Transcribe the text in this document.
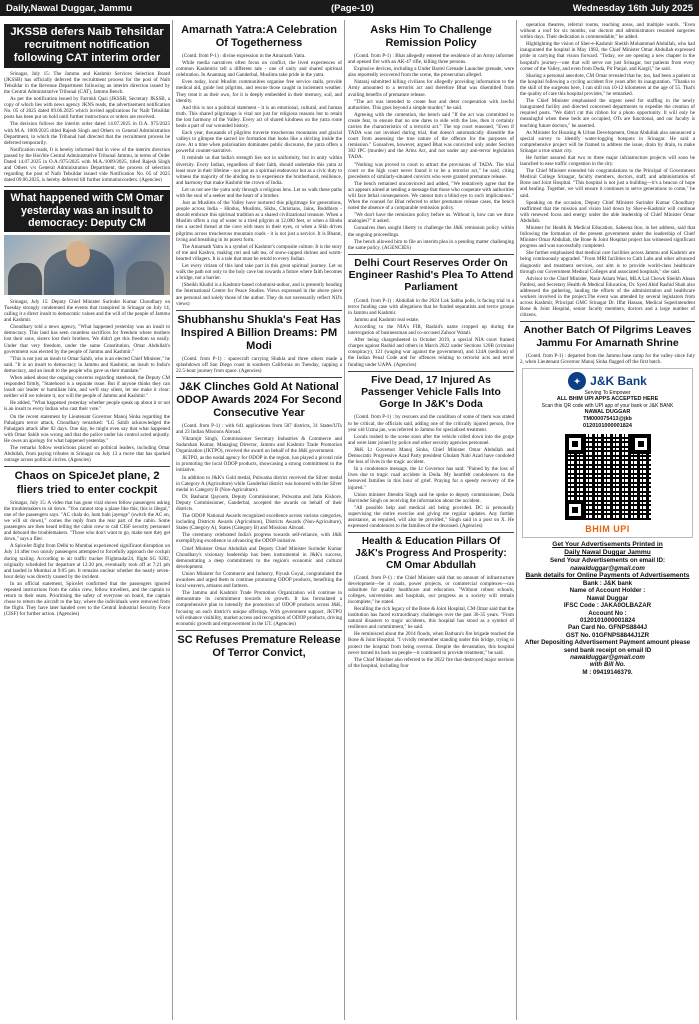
Daily,Nawal Duggar, Jammu	(Page-10)	Wednesday 16th July 2025
JKSSB defers Naib Tehsildar recruitment notification following CAT interim order

Srinagar, July 15: The Jammu and Kashmir Services Selection Board (JKSSB) has officially deferred the recruitment process for the post of Naib Tehsildar in the Revenue Department following an interim direction issued by the Central Administrative Tribunal (CAT), Jammu Bench.

As per the notification issued by Farrukh Qazi (JKSSB, Secretary JKSSB, a copy of which lies with news agency JKNS reads, the advertisement notification No. 05 of 2025 dated 09.06.2025 which invited applications for Naib Tehsildar posts has been put on hold until further instructions or orders are received.

The decision follows the interim order dated 14.07.2025 in O.A. 975/2025 with M.A. 1009/2025 titled Rajesh Singh and Others vs General Administration Department, in which the Tribunal had directed that the recruitment process be deferred temporarily.

Notification reads, It is hereby informed that in view of the interim direction passed by the Hon'ble Central Administrative Tribunal Jammu, in terms of Order Dated 14.07.2025 in O.A./975/2025 with M.A./1009/2025, titled Rajesh Singh and Others v/s General Administration Department, the process of selection regarding the post of Naib Tehsildar issued vide Notification No. 05 of 2025 dated 09.06.2025, is hereby deferred till further intimation/orders. (Agencies)

What happened with CM Omar yesterday was an insult to democracy: Deputy CM

Srinagar, July 15: Deputy Chief Minister Surinder Kumar Choudhary on Tuesday strongly condemned the events that transpired in Srinagar on July 14, calling it a direct insult to democratic values and the will of the people of Jammu and Kashmir.

Choudhary told a news agency, "What happened yesterday was an insult to democracy. This land has seen countless sacrifices for freedom where mothers lost their sons, sisters lost their brothers. We didn't get this freedom so easily. Under that very freedom, under the same Constitution, Omar Abdullah's government was elected by the people of Jammu and Kashmir."

"This is not just an insult to Omar Sahib, who is an elected Chief Minister," he said. "It is an insult to democracy in Jammu and Kashmir, an insult to India's democracy, and an insult to the people who gave us their mandate."

When asked about the ongoing concerns regarding statehood, the Deputy CM responded firmly, "Statehood is a separate issue. But if anyone thinks they can insult our leader or humiliate him, and we'll stay silent, let me make it clear: neither will we tolerate it, nor will the people of Jammu and Kashmir."

He added, "What happened yesterday whether people speak up about it or not is an insult to every Indian who cast their vote."

On the recent statement by Lieutenant Governor Manoj Sinha regarding the Pahalgam terror attack, Choudhary remarked: "LG Sahib acknowledged the Pahalgam attack after 82 days. One day, he might even say that what happened with Omar Sahib was wrong and that the police under his control acted unjustly. He owes an apology for what happened yesterday."

The remarks follow restrictions placed on political leaders, including Omar Abdullah, from paying tributes in Srinagar on July 13 a move that has sparked outrage across political circles. (Agencies)

Chaos on SpiceJet plane, 2 fliers tried to enter cockpit

Srinagar, July 15: A video that has gone viral shows fellow passengers asking the troublemakers to sit down. "You cannot stop a plane like this; this is illegal," one of the passengers says. "AC chala do, hum bahi jayenge" (switch the AC on, we will sit down)," comes the reply from the rear part of the cabin. Some passengers are then heard telling the cabin crew to call CISF security personnel and deboard the troublemakers. "Those who don't want to go, make sure they get down," says a flier.

A SpiceJet flight from Delhi to Mumbai experienced significant disruption on July 14 after two unruly passengers attempted to forcefully approach the cockpit during taxiing. According to air traffic tracker Flightradar24, flight SG 9282, originally scheduled for departure at 12:30 pm, eventually took off at 7:21 pm and landed in Mumbai at 9:05 pm. It remains unclear whether the nearly seven-hour delay was directly caused by the incident.

In an official statement, SpiceJet confirmed that the passengers ignored repeated instructions from the cabin crew, fellow travellers, and the captain to return to their seats. Prioritising the safety of everyone on board, the captain chose to return the aircraft to the bay, where the individuals were removed from the flight. They have later handed over to the Central Industrial Security Force (CISF) for further action. (Agencies)

Amarnath Yatra:A Celebration Of Togetherness

(Contd. from P-1) : divine expression in the Amarnath Yatra.

While media narratives often focus on conflict, the lived experiences of common Kashmiris tell a different tale - one of unity and shared spiritual celebration. In Anantnag and Ganderbal, Muslims take pride in the yatra.

Even today, local Muslim communities organise free service stalls, provide medical aid, guide lost pilgrims, and rescue those caught in inclement weather. They treat it as their own, for it is deeply embedded in their memory, soil, and identity.

And this is not a political statement - it is an emotional, cultural, and human truth. This shared pilgrimage is vital not just for religious reasons but to retain the lost harmony of the Valley. Every act of shared kindness on the yatra route heals a part of our wounded history.

Each year, thousands of pilgrims traverse treacherous mountains and glacial valleys to glimpse the sacred ice formation that looks like a shivling inside the cave. At a time when polarisation dominates public discourse, the yatra offers a powerful counter-narrative.

It reminds us that India's strength lies not in uniformity, but in unity within diversity. Every Indian, regardless of their faith, should undertake this yatra at least once in their lifetime - not just as a spiritual endeavour but as a civic duty to witness the majority of the abiding tie to experience the brotherhood, resilience, and harmony that make Kashmir the crown of India.

Let us not see the yatra only through a religious lens. Let us walk these paths with the soul of a seeker and the heart of a brother.

Just as Muslims of the Valley have nurtured this pilgrimage for generations, people across India - Hindus, Muslims, Sikhs, Christians, Jains, Buddhists - should embrace this spiritual tradition as a shared civilizational treasure. When a Muslim offers a cup of water to a tired pilgrim at 12,000 feet, or when a Hindu ties a sacred thread at the cave with tears in their eyes, or when a Sikh drives pilgrims across treacherous mountain roads - it is not just a service. It is Bharat, living and breathing in its purest form.

The Amarnath Yatra is a symbol of Kashmir's composite culture. It is the story of me and Kashvu, making roti and salt tea, of snow-capped shrines and warm-hearted villagers. It is a tale that must be retold to every Indian.

Let every citizen of this land take part in this great spiritual journey. Let us walk the path not only to the holy cave but towards a future where faith becomes a bridge, not a barrier.

(Sheikh Khalid is a Kashmir-based columnist-author, and is presently heading the International Centre for Peace Studies. Views expressed in the above piece are personal and solely those of the author. They do not necessarily reflect NIJ's views)

Shubhanshu Shukla's Feat Has Inspired A Billion Dreams: PM Modi

(Contd. from P-1) : spacecraft carrying Shukla and three others made a splashdown off San Diego coast in southern California on Tuesday, capping a 22.5-hour journey from space. (Agencies)

J&K Clinches Gold At National ODOP Awards 2024 For Second Consecutive Year

(Contd. from P-1) : with 641 applications from 587 districts, 31 States/UTs and 23 Indian Missions Abroad.

Vikramjit Singh, Commissioner Secretary Industries & Commerce and Sudarshan Kumar, Managing Director, Jammu and Kashmir Trade Promotion Organization (JKTPO), received the award on behalf of the J&K government.

JKTPO, as the nodal agency for ODOP in the region, has played a pivotal role in promoting the local ODOP products, showcasing a strong commitment to the initiative.

In addition to J&K's Gold medal, Pulwama district received the Silver medal in Category A (Agriculture) while Ganderbal district was honored with the Silver medal in Category B (Non-Agriculture).

Dr. Basharat Qayoom, Deputy Commissioner, Pulwama and Jatin Kishore, Deputy Commissioner, Ganderbal, accepted the awards on behalf of their districts.

The ODOP National Awards recognized excellence across various categories, including Districts Awards (Agriculture), Districts Awards (Non-Agriculture), States (Category A), States (Category B) and Missions Abroad.

The ceremony celebrated India's progress towards self-reliance, with J&K exemplifying excellence in advancing the ODOP initiative.

Chief Minister Omar Abdullah and Deputy Chief Minister Surinder Kumar Choudhary's visionary leadership has been instrumental in J&K's success, demonstrating a deep commitment to the region's economic and cultural development.

Union Minister for Commerce and Industry, Piyush Goyal, congratulated the awardees and urged them to continue promoting ODOP products, benefiting the local weavers, artisans and farmers.

The Jammu and Kashmir Trade Promotion Organization will continue to demonstrate its commitment towards its growth. It has formulated a comprehensive plan to intensify the promotion of ODOP products across J&K, focusing on each district's unique offerings. With government support, JKTPO will enhance visibility, market access and recognition of ODOP products, driving economic growth and empowerment in the UT. (Agencies)

SC Refuses Premature Release Of Terror Convict,
Asks Him To Challenge Remission Policy

(Contd. from P-1) : Bhat allegedly entered the residence of an Army informer and opened fire with an AK-47 rifle, killing three persons.

Explosive devices, including a Under Barrel Grenade Launcher grenade, were also reportedly recovered from the scene, the prosecution alleged.

Nataraj submitted killing civilians for allegedly providing information to the Army amounted to a terrorist act and therefore Bhat was disentitled from availing benefits of premature release.

"The act was intended to create fear and deter cooperation with lawful authorities. This goes beyond a simple murder," he said.

Agreeing with the contention, the bench said "If the act was committed to create fear, to ensure that no one dares to side with the law, then it certainly carries the characteristics of a terrorist act." The top court reasoned, "Even if TADA was not invoked during trial, that doesn't automatically disentitle the court from assessing the true nature of the offence for the purposes of remission." Gonsalves, however, argued Bhat was convicted only under Section 302 IPC (murder) and the Arms Act, and not under any anti-terror legislation TADA.

"Nothing was proved to court to attract the provisions of TADA. The trial court or the high court never found it to be a terrorist act," he said, citing precedents of similarly-situated convicts who were granted premature release.

The bench remained unconvinced and added, "We tentatively agree that the act appears aimed at sending a message that those who cooperate with authorities will face lethal consequences. We cannot turn a blind eye to such implications." When the counsel for Bhat referred to other premature release cases, the bench noted the absence of a comparable remission policy.

"We don't have the remission policy before us. Without it, how can we draw analogies?" it asked.

Gonsalves then sought liberty to challenge the J&K remission policy within the ongoing proceedings.

The bench allowed him to file an interim plea in a pending matter challenging the same policy. (AGENCIES)

Delhi Court Reserves Order On Engineer Rashid's Plea To Attend Parliament

(Contd. from P-1) : Abdullah in the 2024 Lok Sabha polls, is facing trial in a terror funding case with allegations that he funded separatists and terror groups in Jammu and Kashmir.

Jammu and Kashmir real estate.

According to the NIA's FIR, Rashid's name cropped up during the interrogation of businessman and co-accused Zahoor Watali.

After being chargesheeted in October 2019, a special NIA court framed charges against Rashid and others in March 2022 under Sections 120B (criminal conspiracy), 121 (waging war against the government), and 124A (sedition) of the Indian Penal Code and for offences relating to terrorist acts and terror funding under UAPA. (Agencies)

Five Dead, 17 Injured As Passenger Vehicle Falls Into Gorge In J&K's Doda

(Contd. from P-1) : by rescuers and the condition of some of them was stated to be critical, the officials said, adding one of the critically injured person, five year old Uzma jan, was referred to Jammu for specialised treatment.

Locals rushed to the scene soon after the vehicle rolled down into the gorge and were later joined by police and other security agencies personnel.

J&K Lt Governor Manoj Sinha, Chief Minister Omar Abdullah and Democratic Progressive Azad Party president Ghulam Nabi Azad have condoled the loss of lives in the tragic accident.

In a condolence message, the Lt Governor has said: "Pained by the loss of lives due to tragic road accident in Doda. My heartfelt condolences to the bereaved families in this hour of grief. Praying for a speedy recovery of the injured."

Union minister Jitendra Singh said he spoke to deputy commissioner, Doda Harvinder Singh on receiving the information about the accident.

"All possible help and medical aid being provided. DC is personally supervising the entire exercise and giving me regular updates. Any further assistance, as required, will also be provided," Singh said in a post on X. He expressed condolences to the families of the deceased. (Agencies)

Health & Education Pillars Of J&K's Progress And Prosperity: CM Omar Abdullah

(Contd. from P-1) : the Chief Minister said that no amount of infrastructure development—be it roads, power projects, or commercial complexes—can substitute for quality healthcare and education. "Without robust schools, colleges, universities and hospitals, our progress as a society will remain incomplete," he stated.

Recalling the rich legacy of the Bone & Joint Hospital, CM Omar said that the institution has faced extraordinary challenges over the past 30-35 years. "From natural disasters to tragic accidents, this hospital has stood as a symbol of resilience and commitment," he said.

He reminisced about the 2014 floods, when Barbara's fire brigade reached the Bone & Joint Hospital. "I vividly remember standing under this bridge, trying to protect the hospital from being overrun. Despite the devastation, this hospital never turned its back on people—it continued to provide treatment," he said.

The Chief Minister also referred to the 2022 fire that destroyed major sections of the hospital, including four

operation theatres, referral rooms, teaching areas, and multiple wards. "Even without a roof for six months, our doctors and administrators resumed surgeries within days. Their dedication is commendable," he added.

Highlighting the vision of Sher-e-Kashmir Sheikh Mohammad Abdullah, who had inaugurated the hospital in May 1982, the Chief Minister Omar Abdullah expressed pride in carrying that vision forward. "Today, we are opening a new chapter in the hospital's journey—one that will serve not just Srinagar, but patients from every corner of the Valley, and even from Doda, Pir Panjal, and Kargil," he said.

Sharing a personal anecdote, CM Omar revealed that he, too, had been a patient at the hospital following a cycling accident five years after its inauguration. "Thanks to the skill of the surgeons here, I can still run 10-12 kilometers at the age of 55. That's the quality of care this hospital provides," he remarked.

The Chief Minister emphasised the urgent need for staffing in the newly inaugurated facility and directed concerned departments to expedite the creation of required posts. "We didn't cut this ribbon for a photo opportunity. It will only be meaningful when these beds are occupied, OTs are functional, and our faculty is teaching future doctors," he asserted.

As Minister for Housing & Urban Development, Omar Abdullah also announced a special survey to identify water-logging hotspots in Srinagar. He said a comprehensive project will be framed to address the issue, drain by drain, to make Srinagar a true smart city.

He further assured that two to three major infrastructure projects will soon be launched to ease traffic congestion in the city.

The Chief Minister extended his congratulations to the Principal of Government Medical College Srinagar, faculty members, doctors, staff, and administration of Bone and Joint Hospital. "This hospital is not just a building—it's a beacon of hope and healing. Together, we will ensure it continues to serve generations to come," he said.

Speaking on the occasion, Deputy Chief Minister Surinder Kumar Choudhary reaffirmed that the mission and vision laid down by Sher-e-Kashmir will continue with renewed focus and energy under the able leadership of Chief Minister Omar Abdullah.

Minister for Health & Medical Education, Sakeena Itoo, in her address, said that following the formation of the present government under the leadership of Chief Minister Omar Abdullah, the Bone & Joint Hospital project has witnessed significant progress and was successfully completed.

She further emphasised that medical care facilities across Jammu and Kashmir are being continuously upgraded. "From MRI facilities to Cath Labs and other advanced diagnostic and treatment services, our aim is to provide world-class healthcare through our Government Medical Colleges and associated hospitals," she said.

Advisor to the Chief Minister, Nasir Aslam Wani, MLA Lal Chowk Sheikh Ahsan Pardesi, and Secretary Health & Medical Education, Dr. Syed Abid Rashid Shah also addressed the gathering, lauding the efforts of the administration and healthcare workers involved in the project.The event was attended by several legislators from across Kashmir, Principal GMC Srinagar Dr. Iffat Hassan, Medical Superintendent Bone & Joint Hospital, senior faculty members, doctors and a large number of citizens.

Another Batch Of Pilgrims Leaves Jammu For Amarnath Shrine

(Contd. from P-1) : departed from the Jammu base camp for the valley since July 2, when Lieutenant Governor Manoj Sinha flagged off the first batch.

✦ J&K Bank
Serving To Empower
ALL BHIM UPI APPS ACCEPTED HERE
Scan this QR code with UPI app of your bank or J&K BANK
NAWAL DUGGAR
TM000075413@jkb
0120101000001824
BHIM UPI
Get Your Advertisements Printed in
Daily Nawal Duggar Jammu
Send Your Advertisements on email ID:
nawalduggar@gmail.com
Bank details for Online Payments of Advertisements
Bank : J&K bank
Name of Account Holder :
Nawal Duggar
IFSC Code : JAKA0OLBAZAR
Account No :
0120101000001824
Pan Card No. GFNPS8844J
GST No. 01GFNPS8844J1ZR
After Depositing Advertisement Payment amount please send bank receipt on email ID
nawalduggar@gmail.com
with Bill No.
M : 09419146379.
